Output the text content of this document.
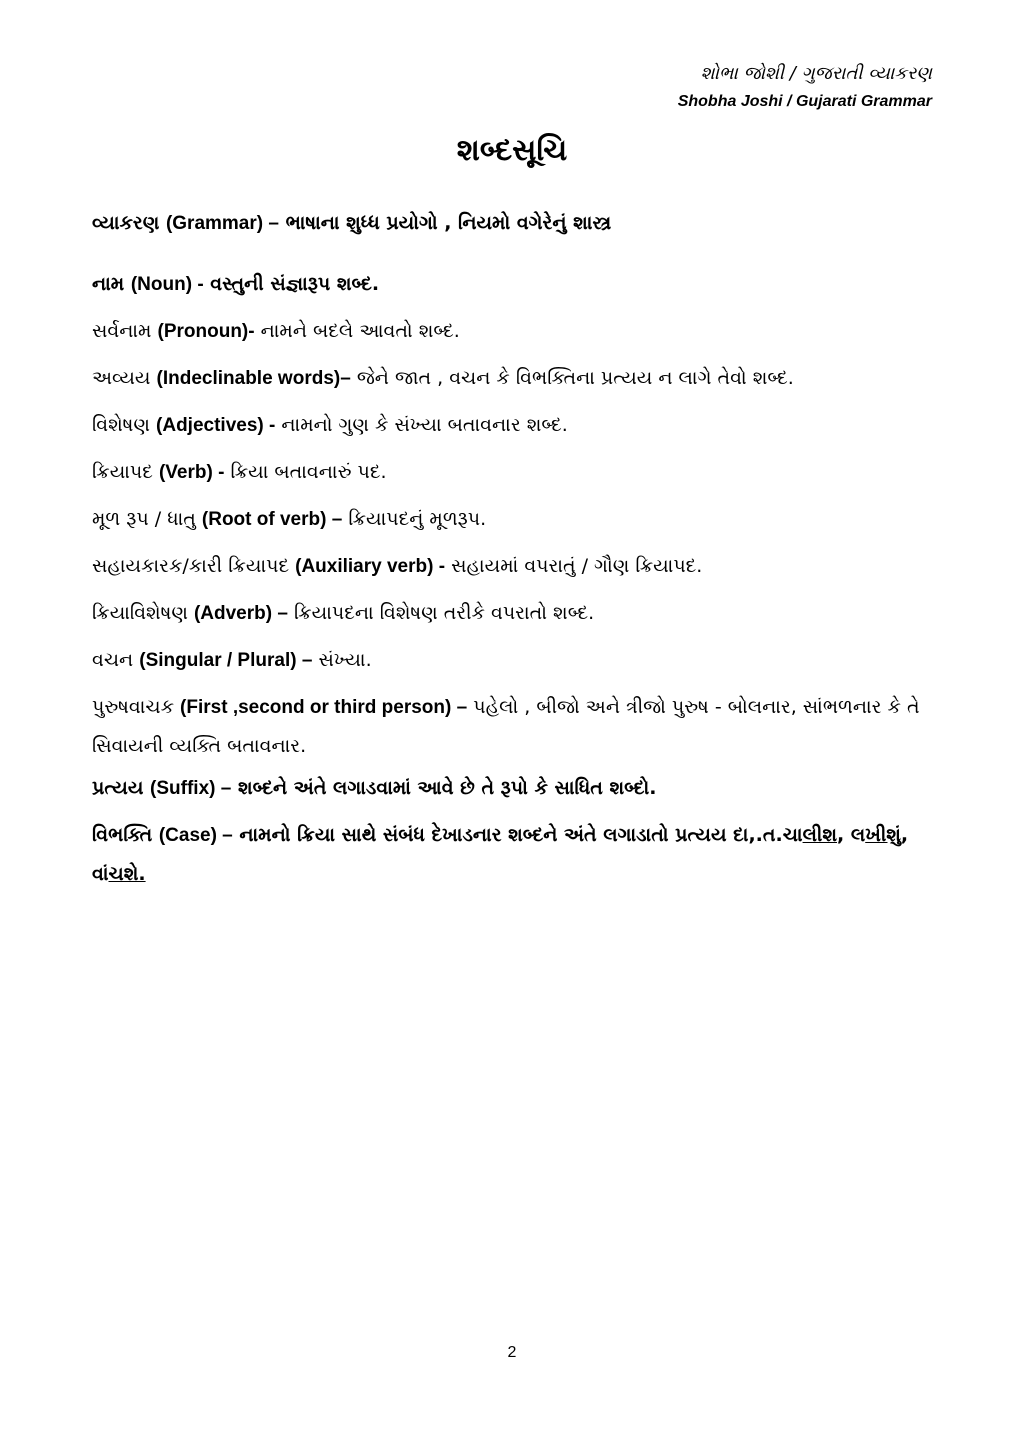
શોભા જોશી / ગુજરાતી વ્યાકરણ
Shobha Joshi / Gujarati Grammar
શબ્દસૂચિ
વ્યાકરણ (Grammar) – ભાષાના શુધ્ધ પ્રયોગો , નિયમો વગેરેનું શાસ્ત્ર
નામ (Noun) - વસ્તુની સંજ્ઞારૂપ શબ્દ.
સર્વનામ (Pronoun)- નામને બદલે આવતો શબ્દ.
અવ્યય (Indeclinable words)– જેને જાત , વચન કે વિભક્તિના પ્રત્યય ન લાગે તેવો શબ્દ.
વિશેષણ (Adjectives) - નામનો ગુણ કે સંખ્યા બતાવનાર શબ્દ.
ક્રિયાપદ (Verb) - ક્રિયા બતાવનારું પદ.
મૂળ રૂપ / ધાતુ (Root of verb) – ક્રિયાપદનું મૂળરૂપ.
સહાયકારક/કારી ક્રિયાપદ (Auxiliary verb) - સહાયમાં વપરાતું / ગૌણ ક્રિયાપદ.
ક્રિયાવિશેષણ (Adverb) – ક્રિયાપદના વિશેષણ તરીકે વપરાતો શબ્દ.
વચન (Singular / Plural) – સંખ્યા.
પુરુષવાચક (First ,second or third person) – પહેલો , બીજો અને ત્રીજો પુરુષ - બોલનાર, સાંભળનાર કે તે સિવાયની વ્યક્તિ બતાવનાર.
પ્રત્યય (Suffix) – શબ્દને અંતે લગાડવામાં આવે છે તે રૂપો કે સાધિત શબ્દો.
વિભક્તિ (Case) – નામનો ક્રિયા સાથે સંબંધ દેખાડનાર શબ્દને અંતે લગાડાતો પ્રત્યય દા,.ત.ચાલીશ, લખીશું, વાંચશે.
2
